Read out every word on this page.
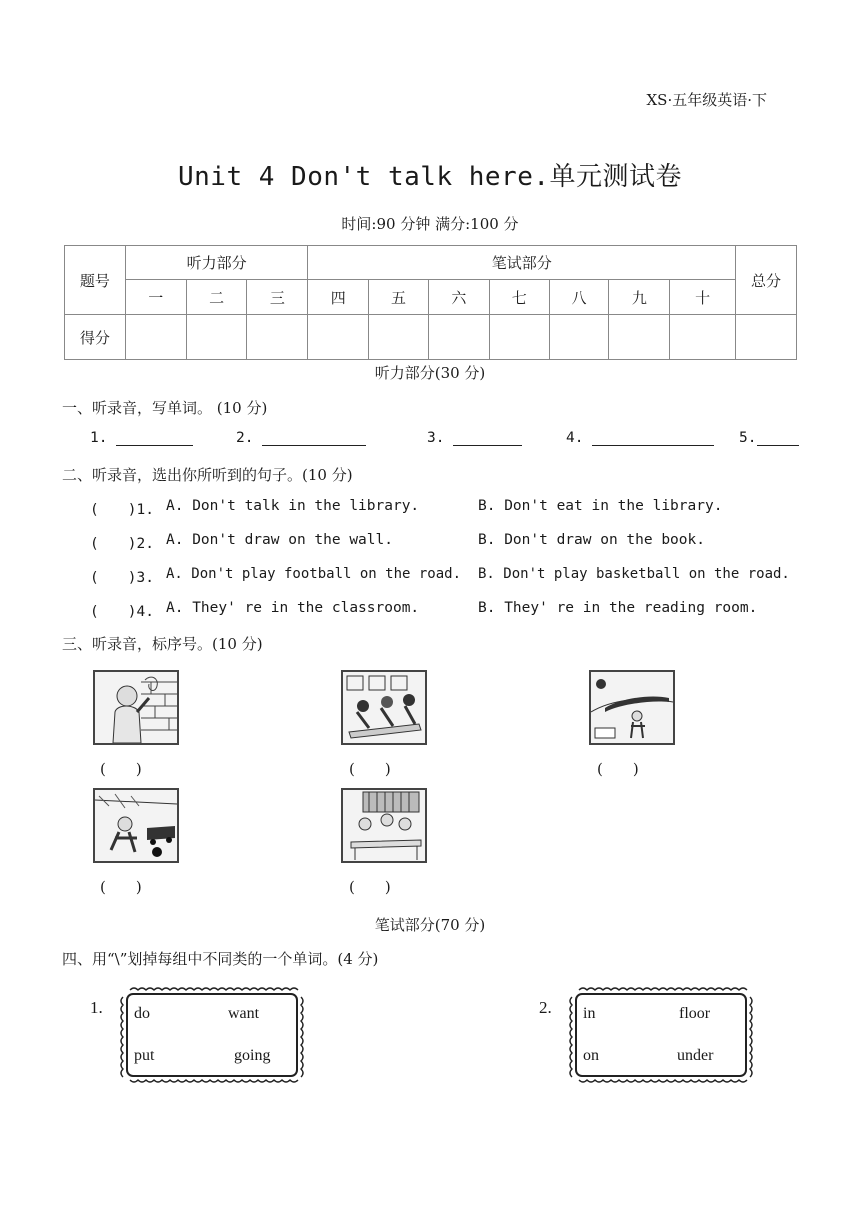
XS·五年级英语·下
Unit 4 Don't talk here.单元测试卷
时间:90 分钟 满分:100 分
题号	听力部分			笔试部分							总分
	一	二	三	四	五	六	七	八	九	十	
得分											
听力部分(30 分)
一、听录音，写单词。 (10 分)
1.	2.	3.	4.	5.
二、听录音，选出你所听到的句子。(10 分)
(　　)1. A. Don't talk in the library.	B. Don't eat in the library.
(　　)2. A. Don't draw on the wall.	B. Don't draw on the book.
(　　)3. A. Don't play football on the road. B. Don't play basketball on the road.
(　　)4. A. They' re in the classroom.	B. They' re in the reading room.
三、听录音，标序号。(10 分)
(　　)	(　　)	(　　)
(　　)	(　　)
笔试部分(70 分)
四、用“\”划掉每组中不同类的一个单词。(4 分)
1. do	want
put	going
2. in	floor
on	under
